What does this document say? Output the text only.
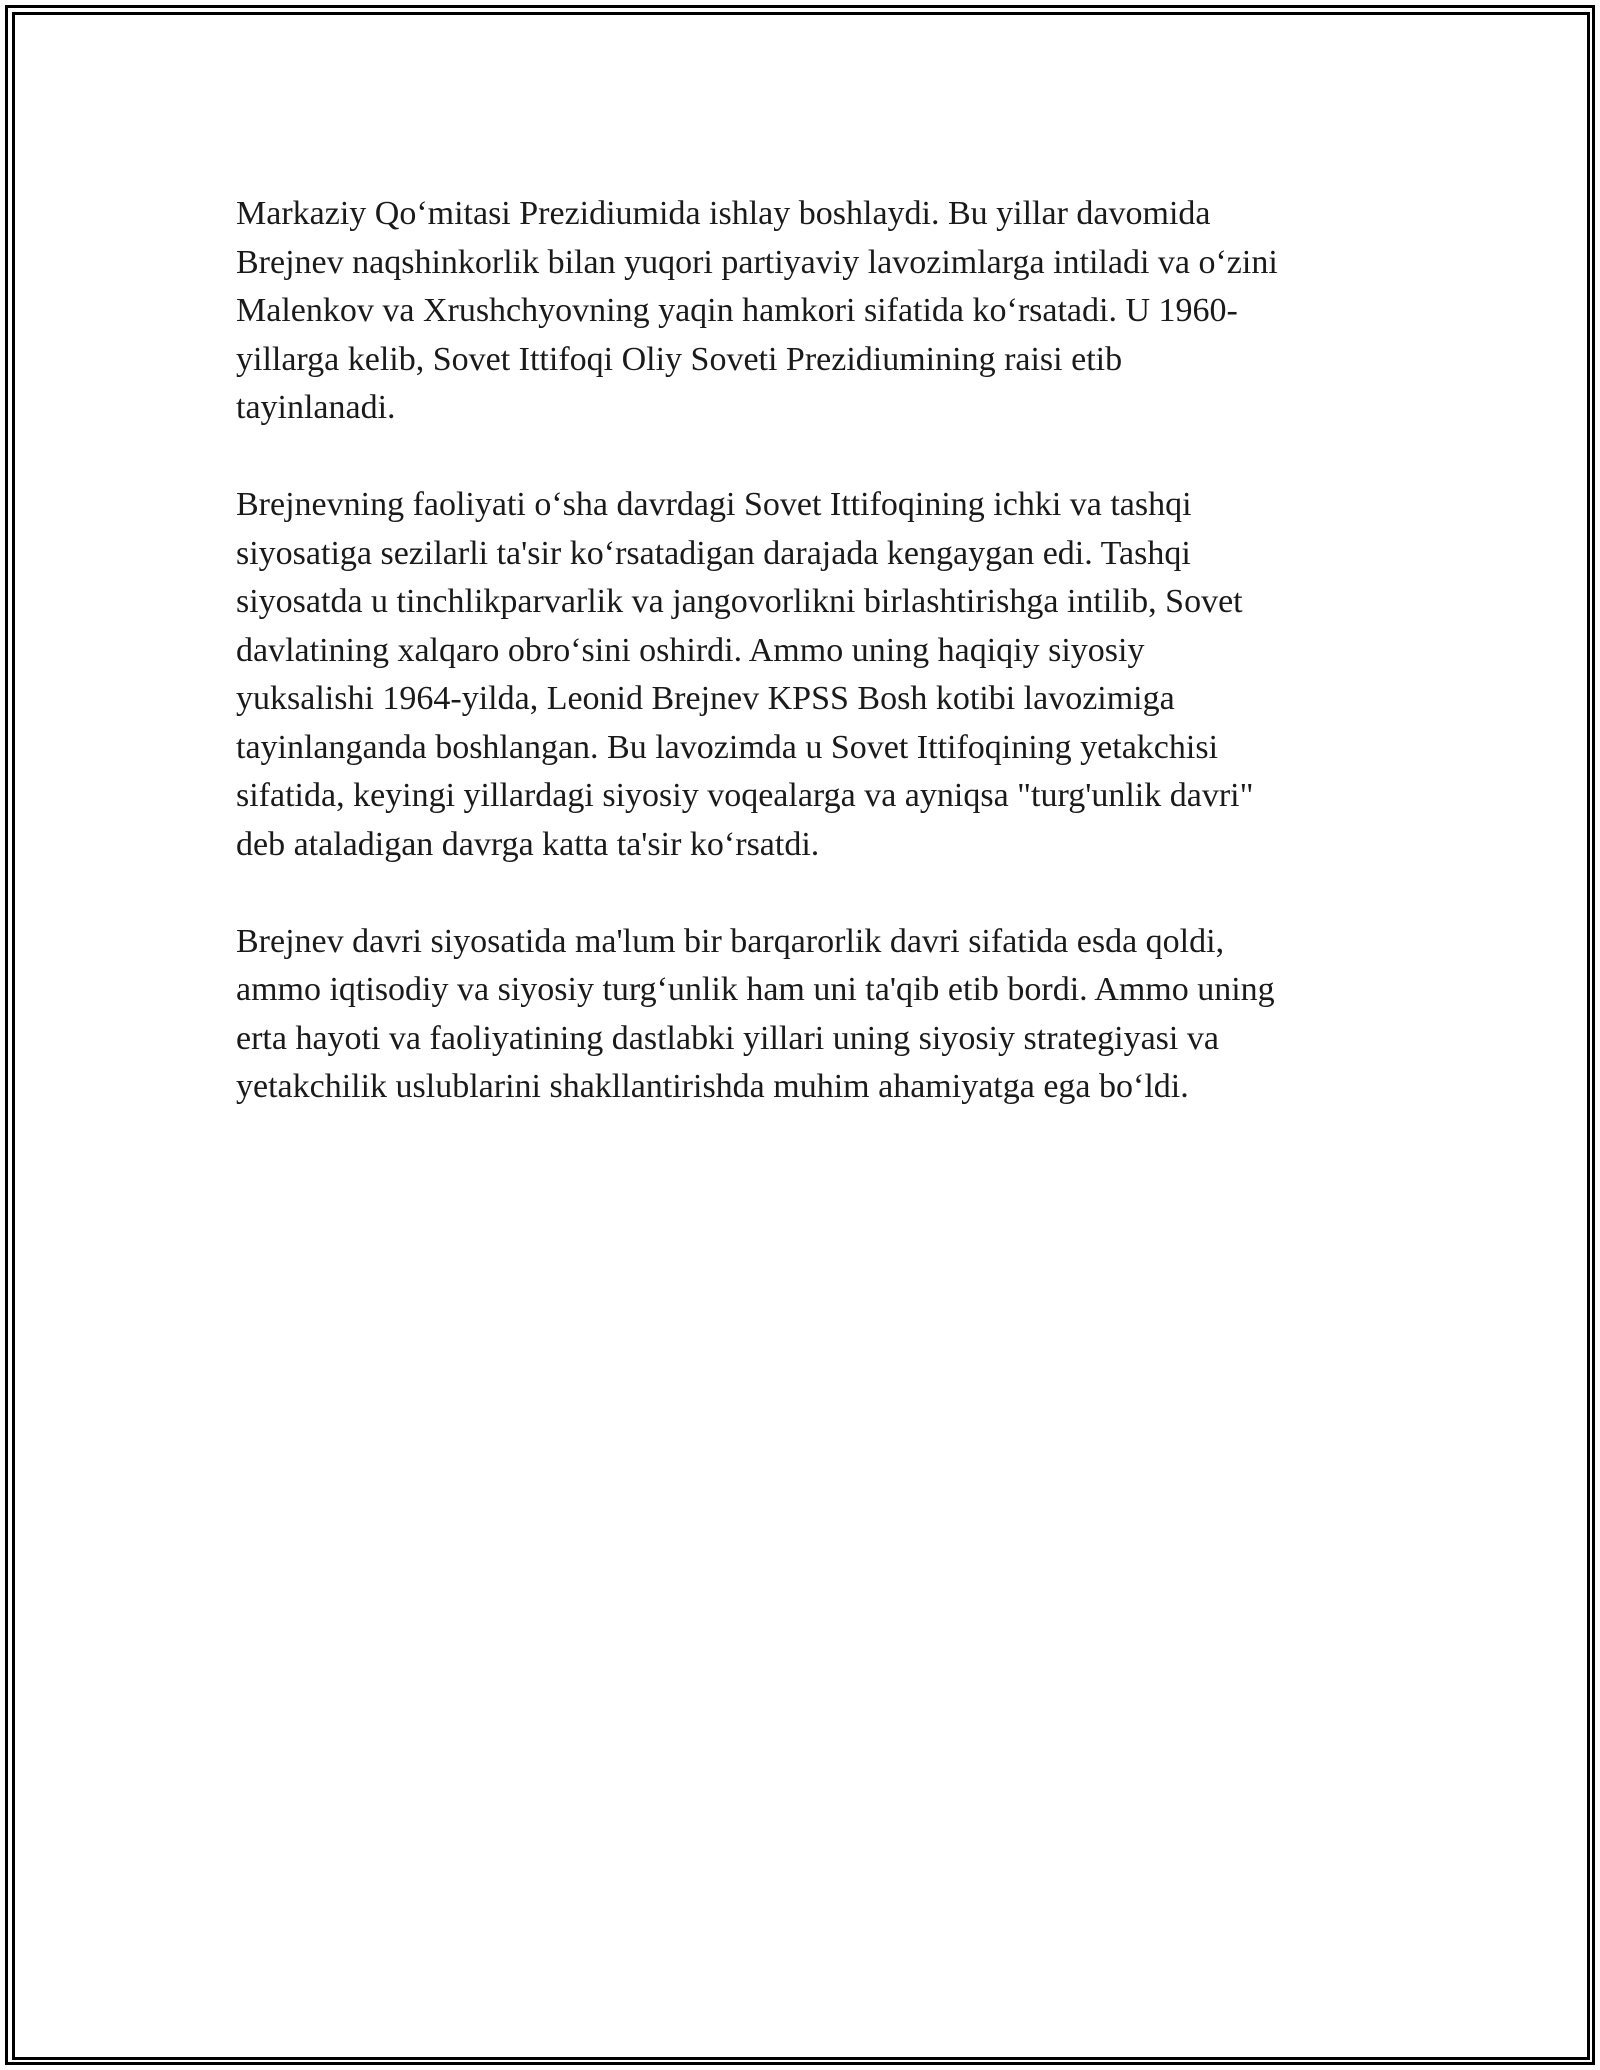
Markaziy Qo‘mitasi Prezidiumida ishlay boshlaydi. Bu yillar davomida
Brejnev naqshinkorlik bilan yuqori partiyaviy lavozimlarga intiladi va o‘zini
Malenkov va Xrushchyovning yaqin hamkori sifatida ko‘rsatadi. U 1960-
yillarga kelib, Sovet Ittifoqi Oliy Soveti Prezidiumining raisi etib
tayinlanadi.

Brejnevning faoliyati o‘sha davrdagi Sovet Ittifoqining ichki va tashqi
siyosatiga sezilarli ta'sir ko‘rsatadigan darajada kengaygan edi. Tashqi
siyosatda u tinchlikparvarlik va jangovorlikni birlashtirishga intilib, Sovet
davlatining xalqaro obro‘sini oshirdi. Ammo uning haqiqiy siyosiy
yuksalishi 1964-yilda, Leonid Brejnev KPSS Bosh kotibi lavozimiga
tayinlanganda boshlangan. Bu lavozimda u Sovet Ittifoqining yetakchisi
sifatida, keyingi yillardagi siyosiy voqealarga va ayniqsa "turg'unlik davri"
deb ataladigan davrga katta ta'sir ko‘rsatdi.

Brejnev davri siyosatida ma'lum bir barqarorlik davri sifatida esda qoldi,
ammo iqtisodiy va siyosiy turg‘unlik ham uni ta'qib etib bordi. Ammo uning
erta hayoti va faoliyatining dastlabki yillari uning siyosiy strategiyasi va
yetakchilik uslublarini shakllantirishda muhim ahamiyatga ega bo‘ldi.
